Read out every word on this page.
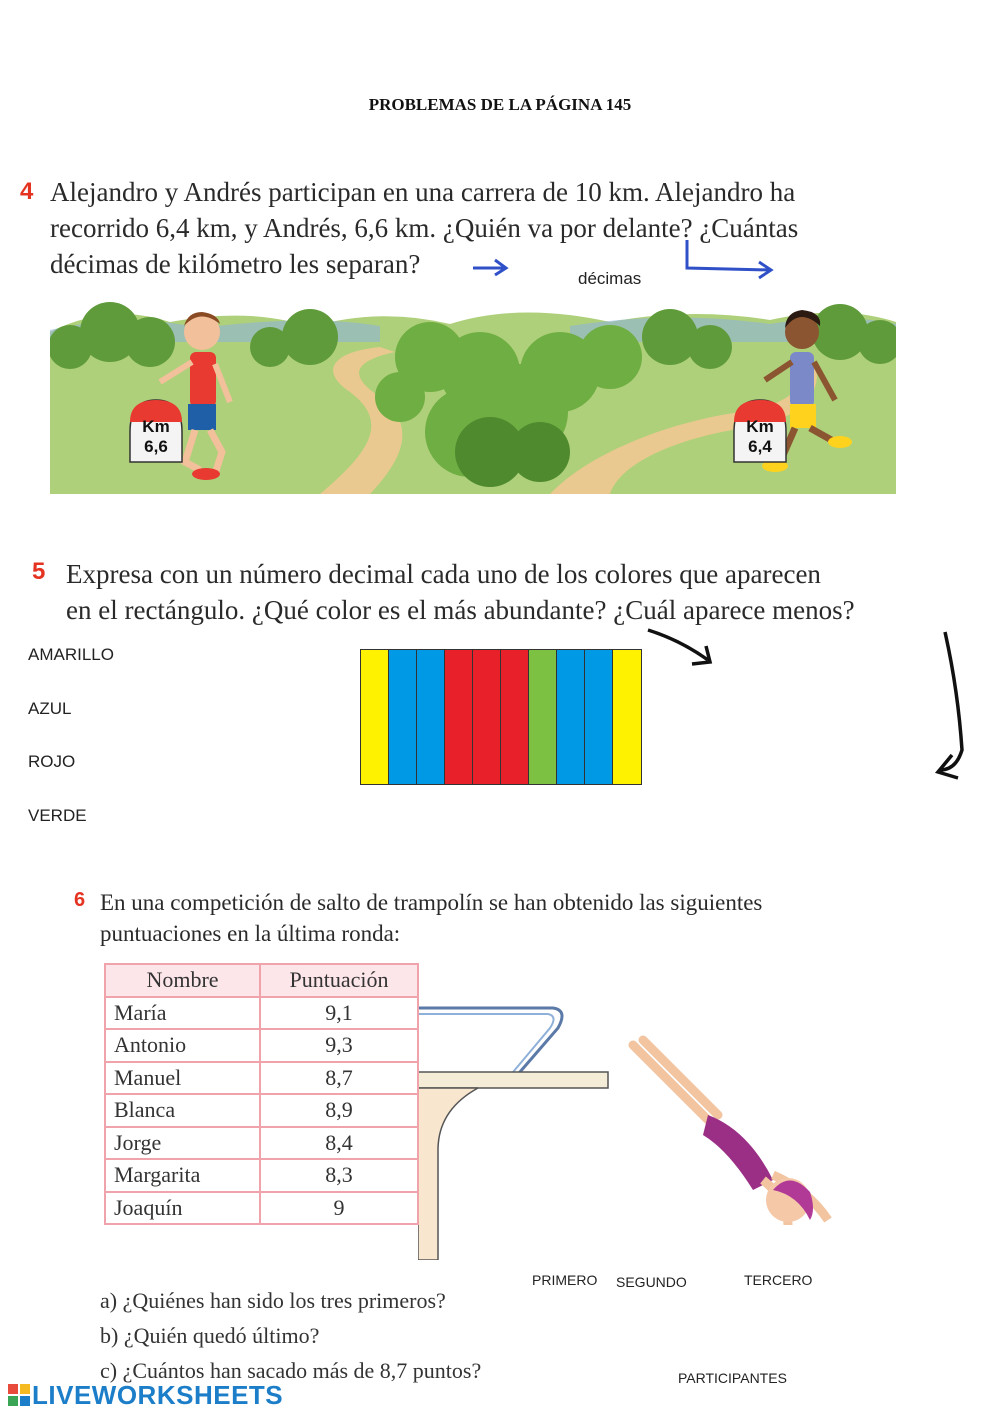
PROBLEMAS DE LA PÁGINA 145
4 Alejandro y Andrés participan en una carrera de 10 km. Alejandro ha
recorrido 6,4 km, y Andrés, 6,6 km. ¿Quién va por delante? ¿Cuántas
décimas de kilómetro les separan?	décimas
Km
6,6
Km
6,4
5 Expresa con un número decimal cada uno de los colores que aparecen
en el rectángulo. ¿Qué color es el más abundante? ¿Cuál aparece menos?
AMARILLO
AZUL
ROJO
VERDE
6 En una competición de salto de trampolín se han obtenido las siguientes
puntuaciones en la última ronda:
Nombre	Puntuación
María	9,1
Antonio	9,3
Manuel	8,7
Blanca	8,9
Jorge	8,4
Margarita	8,3
Joaquín	9
PRIMERO SEGUNDO	TERCERO
PARTICIPANTES
a) ¿Quiénes han sido los tres primeros?
b) ¿Quién quedó último?
c) ¿Cuántos han sacado más de 8,7 puntos?
LIVEWORKSHEETS
